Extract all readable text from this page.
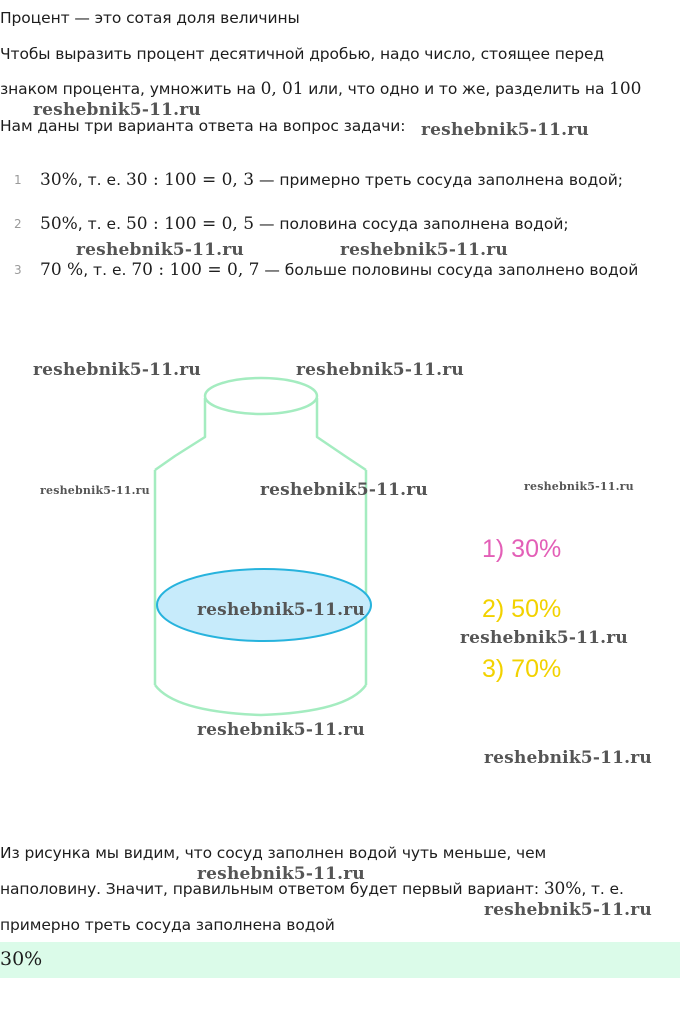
Процент — это сотая доля величины
Чтобы выразить процент десятичной дробью, надо число, стоящее перед
знаком процента, умножить на 0, 01 или, что одно и то же, разделить на 100
Нам даны три варианта ответа на вопрос задачи:
1	30%, т. е. 30 : 100 = 0, 3 — примерно треть сосуда заполнена водой;
2	50%, т. е. 50 : 100 = 0, 5 — половина сосуда заполнена водой;
3	70 %, т. е. 70 : 100 = 0, 7 — больше половины сосуда заполнено водой
1) 30%
2) 50%
3) 70%
Из рисунка мы видим, что сосуд заполнен водой чуть меньше, чем
наполовину. Значит, правильным ответом будет первый вариант: 30%, т. е.
примерно треть сосуда заполнена водой
30%
reshebnik5-11.ru
reshebnik5-11.ru
reshebnik5-11.ru	reshebnik5-11.ru
reshebnik5-11.ru	reshebnik5-11.ru
reshebnik5-11.ru	reshebnik5-11.ru	reshebnik5-11.ru
reshebnik5-11.ru
reshebnik5-11.ru
reshebnik5-11.ru
reshebnik5-11.ru
reshebnik5-11.ru
reshebnik5-11.ru
